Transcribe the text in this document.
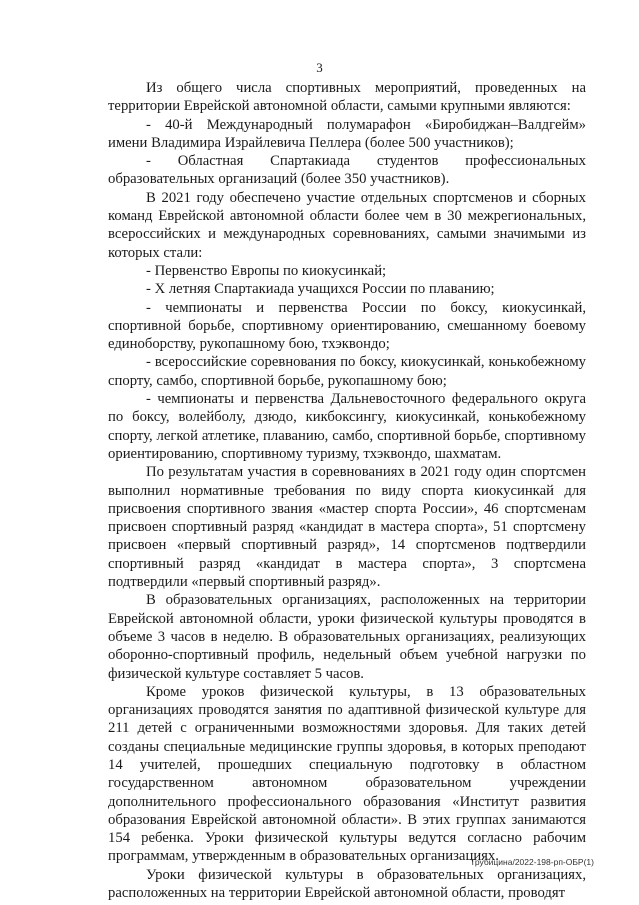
3

Из общего числа спортивных мероприятий, проведенных на территории Еврейской автономной области, самыми крупными являются:

- 40-й Международный полумарафон «Биробиджан–Валдгейм» имени Владимира Израйлевича Пеллера (более 500 участников);

- Областная Спартакиада студентов профессиональных образовательных организаций (более 350 участников).

В 2021 году обеспечено участие отдельных спортсменов и сборных команд Еврейской автономной области более чем в 30 межрегиональных, всероссийских и международных соревнованиях, самыми значимыми из которых стали:

- Первенство Европы по киокусинкай;

- X летняя Спартакиада учащихся России по плаванию;

- чемпионаты и первенства России по боксу, киокусинкай, спортивной борьбе, спортивному ориентированию, смешанному боевому единоборству, рукопашному бою, тхэквондо;

- всероссийские соревнования по боксу, киокусинкай, конькобежному спорту, самбо, спортивной борьбе, рукопашному бою;

- чемпионаты и первенства Дальневосточного федерального округа по боксу, волейболу, дзюдо, кикбоксингу, киокусинкай, конькобежному спорту, легкой атлетике, плаванию, самбо, спортивной борьбе, спортивному ориентированию, спортивному туризму, тхэквондо, шахматам.

По результатам участия в соревнованиях в 2021 году один спортсмен выполнил нормативные требования по виду спорта киокусинкай для присвоения спортивного звания «мастер спорта России», 46 спортсменам присвоен спортивный разряд «кандидат в мастера спорта», 51 спортсмену присвоен «первый спортивный разряд», 14 спортсменов подтвердили спортивный разряд «кандидат в мастера спорта», 3 спортсмена подтвердили «первый спортивный разряд».

В образовательных организациях, расположенных на территории Еврейской автономной области, уроки физической культуры проводятся в объеме 3 часов в неделю. В образовательных организациях, реализующих оборонно-спортивный профиль, недельный объем учебной нагрузки по физической культуре составляет 5 часов.

Кроме уроков физической культуры, в 13 образовательных организациях проводятся занятия по адаптивной физической культуре для 211 детей с ограниченными возможностями здоровья. Для таких детей созданы специальные медицинские группы здоровья, в которых преподают 14 учителей, прошедших специальную подготовку в областном государственном автономном образовательном учреждении дополнительного профессионального образования «Институт развития образования Еврейской автономной области». В этих группах занимаются 154 ребенка. Уроки физической культуры ведутся согласно рабочим программам, утвержденным в образовательных организациях.

Уроки физической культуры в образовательных организациях, расположенных на территории Еврейской автономной области, проводят

Трубицина/2022-198-рп-ОБР(1)
